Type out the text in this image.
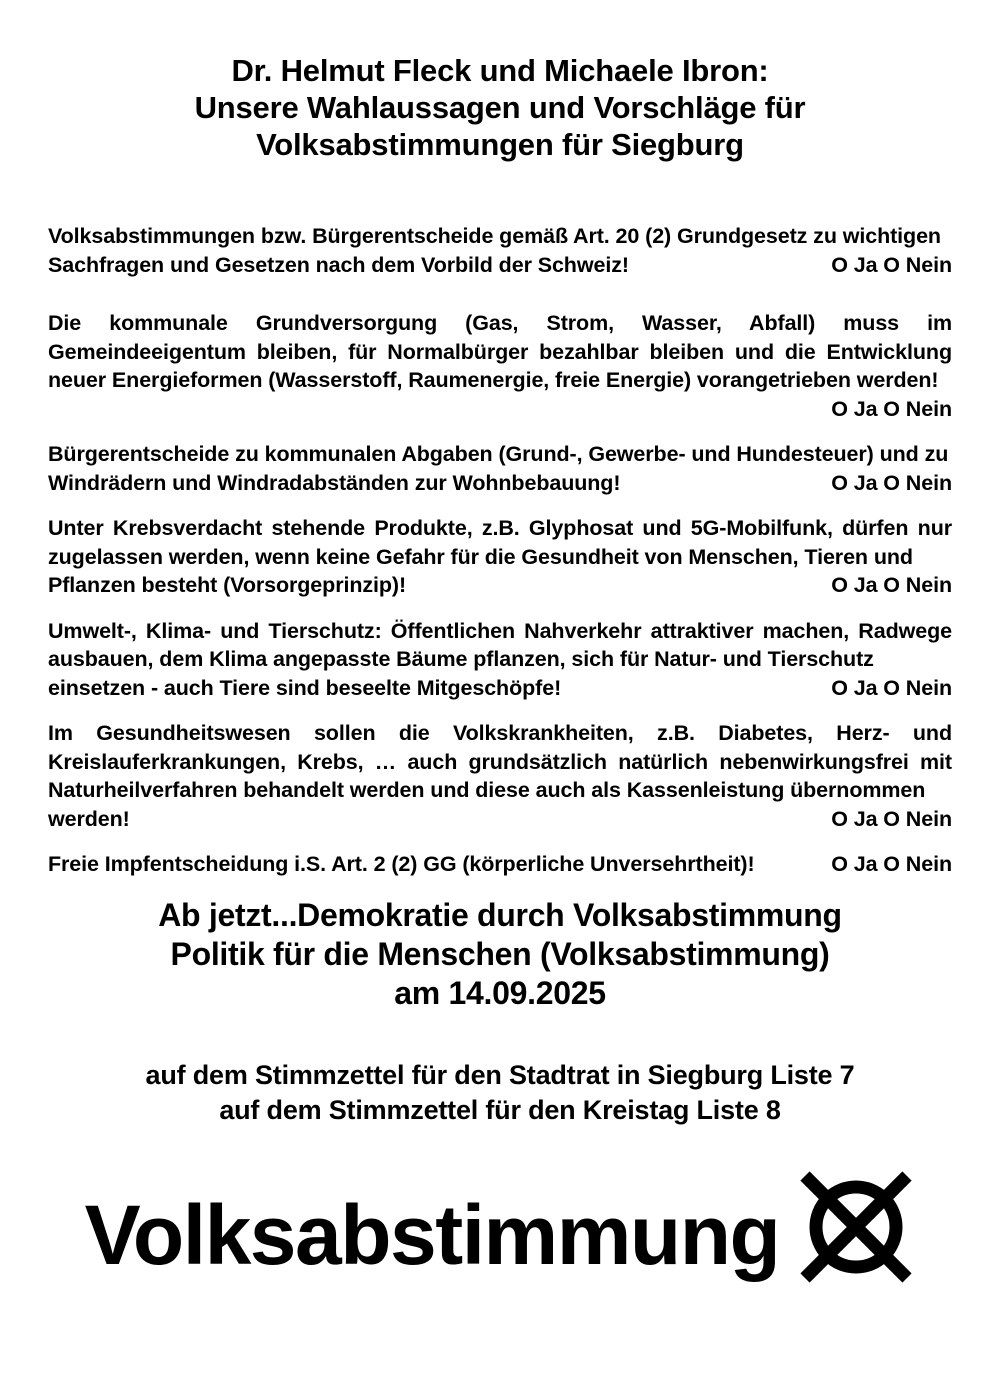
Dr. Helmut Fleck und Michaele Ibron:
Unsere Wahlaussagen und Vorschläge für
Volksabstimmungen für Siegburg
Volksabstimmungen bzw. Bürgerentscheide gemäß Art. 20 (2) Grundgesetz zu wichtigen
Sachfragen und Gesetzen nach dem Vorbild der Schweiz!	O Ja O Nein
Die kommunale Grundversorgung (Gas, Strom, Wasser, Abfall) muss im Gemeindeeigentum bleiben, für Normalbürger bezahlbar bleiben und die Entwicklung neuer Energieformen (Wasserstoff, Raumenergie, freie Energie) vorangetrieben werden!
O Ja O Nein
Bürgerentscheide zu kommunalen Abgaben (Grund-, Gewerbe- und Hundesteuer) und zu
Windrädern und Windradabständen zur Wohnbebauung!	O Ja O Nein
Unter Krebsverdacht stehende Produkte, z.B. Glyphosat und 5G-Mobilfunk, dürfen nur zugelassen werden, wenn keine Gefahr für die Gesundheit von Menschen, Tieren und
Pflanzen besteht (Vorsorgeprinzip)!	O Ja O Nein
Umwelt-, Klima- und Tierschutz: Öffentlichen Nahverkehr attraktiver machen, Radwege ausbauen, dem Klima angepasste Bäume pflanzen, sich für Natur- und Tierschutz
einsetzen - auch Tiere sind beseelte Mitgeschöpfe!	O Ja O Nein
Im Gesundheitswesen sollen die Volkskrankheiten, z.B. Diabetes, Herz- und Kreislauferkrankungen, Krebs, … auch grundsätzlich natürlich nebenwirkungsfrei mit Naturheilverfahren behandelt werden und diese auch als Kassenleistung übernommen
werden!	O Ja O Nein
Freie Impfentscheidung i.S. Art. 2 (2) GG (körperliche Unversehrtheit)!	O Ja O Nein
Ab jetzt...Demokratie durch Volksabstimmung
Politik für die Menschen (Volksabstimmung)
am 14.09.2025
auf dem Stimmzettel für den Stadtrat in Siegburg Liste 7
auf dem Stimmzettel für den Kreistag Liste 8
Volksabstimmung
